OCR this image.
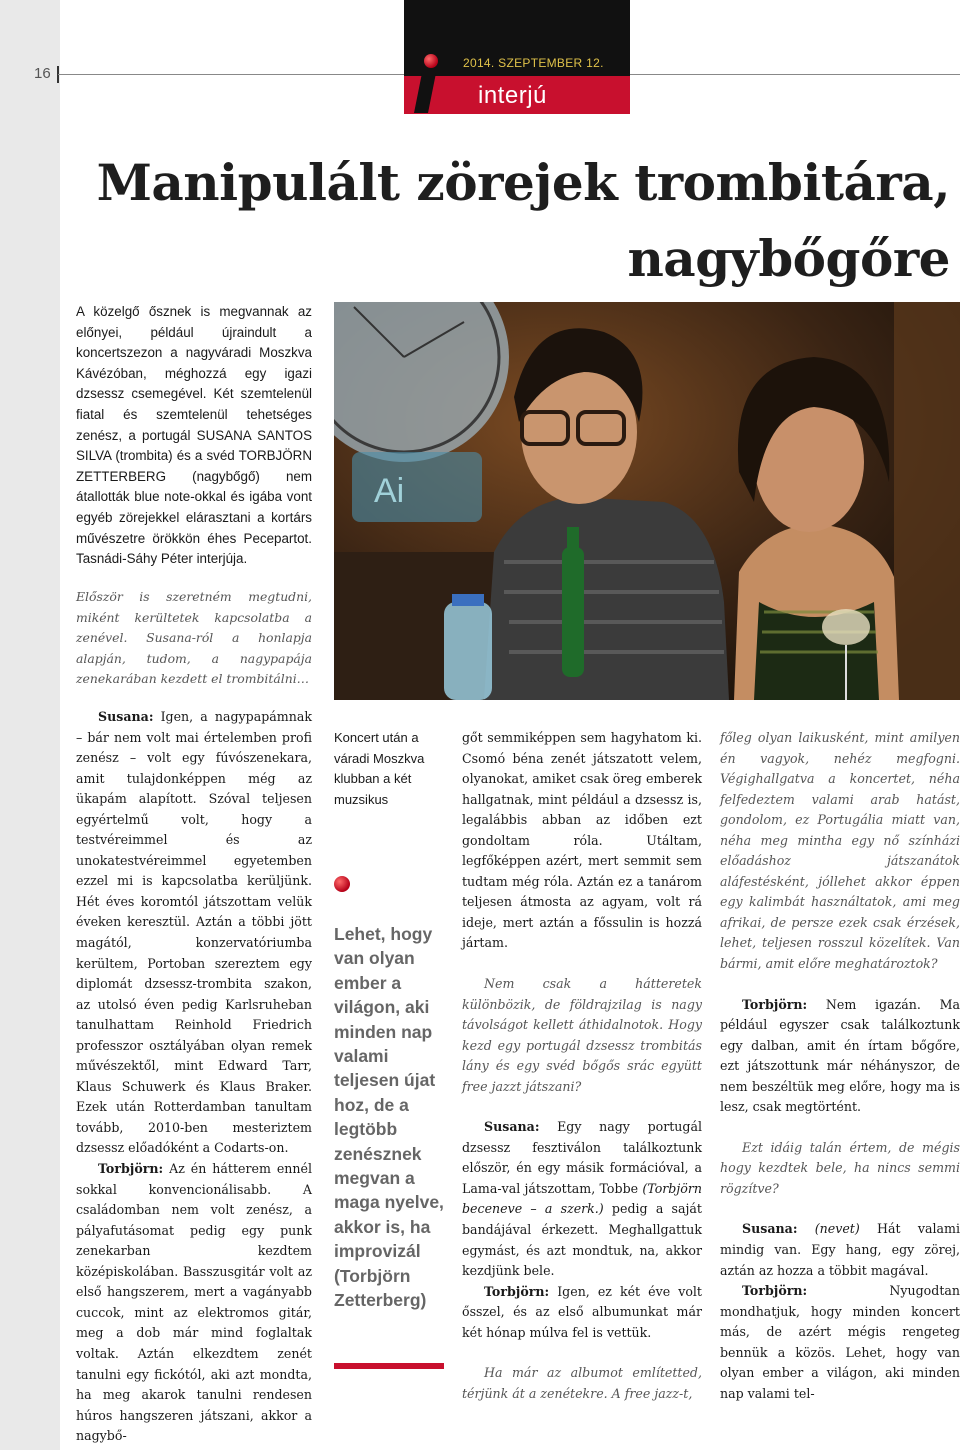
16
2014. SZEPTEMBER 12.
interjú
Manipulált zörejek trombitára,
nagybőgőre

A közelgő ősznek is megvannak az előnyei, például újraindult a koncertszezon a nagyváradi Moszkva Kávézóban, méghozzá egy igazi dzsessz csemegével. Két szemtelenül fiatal és szemtelenül tehetséges zenész, a portugál SUSANA SANTOS SILVA (trombita) és a svéd TORBJÖRN ZETTERBERG (nagybőgő) nem átallották blue note-okkal és igába vont egyéb zörejekkel elárasztani a kortárs művészetre örökkön éhes Pecepartot. Tasnádi-Sáhy Péter interjúja.

Először is szeretném megtudni, miként kerültetek kapcsolatba a zenével. Susana-ról a honlapja alapján, tudom, a nagypapája zenekarában kezdett el trombitálni…

Ai

Susana: Igen, a nagypapámnak – bár nem volt mai értelemben profi zenész – volt egy fúvószenekara, amit tulajdonképpen még az ükapám alapított. Szóval teljesen egyértelmű volt, hogy a testvéreimmel és az unokatestvéreimmel egyetemben ezzel mi is kapcsolatba kerüljünk. Hét éves koromtól játszottam velük éveken keresztül. Aztán a többi jött magától, konzervatóriumba kerültem, Portoban szereztem egy diplomát dzsessz-trombita szakon, az utolsó éven pedig Karlsruheban tanulhattam Reinhold Friedrich professzor osztályában olyan remek művészektől, mint Edward Tarr, Klaus Schuwerk és Klaus Braker. Ezek után Rotterdamban tanultam tovább, 2010-ben mesteriztem dzsessz előadóként a Codarts-on.

Torbjörn: Az én hátterem ennél sokkal konvencionálisabb. A családomban nem volt zenész, a pályafutásomat pedig egy punk zenekarban kezdtem középiskolában. Basszusgitár volt az első hangszerem, mert a vagányabb cuccok, mint az elektromos gitár, meg a dob már mind foglaltak voltak. Aztán elkezdtem zenét tanulni egy fickótól, aki azt mondta, ha meg akarok tanulni rendesen húros hangszeren játszani, akkor a nagybő-

Koncert után a váradi Moszkva klubban a két muzsikus

Lehet, hogy van olyan ember a világon, aki minden nap valami teljesen újat hoz, de a legtöbb zenésznek megvan a maga nyelve, akkor is, ha improvizál (Torbjörn Zetterberg)

gőt semmiképpen sem hagyhatom ki. Csomó béna zenét játszatott velem, olyanokat, amiket csak öreg emberek hallgatnak, mint például a dzsessz is, legalábbis abban az időben ezt gondoltam róla. Utáltam, legfőképpen azért, mert semmit sem tudtam még róla. Aztán ez a tanárom teljesen átmosta az agyam, volt rá ideje, mert aztán a főssulin is hozzá jártam.

Nem csak a hátteretek különbözik, de földrajzilag is nagy távolságot kellett áthidalnotok. Hogy kezd egy portugál dzsessz trombitás lány és egy svéd bőgős srác együtt free jazzt játszani?

Susana: Egy nagy portugál dzsessz fesztiválon találkoztunk először, én egy másik formációval, a Lama-val játszottam, Tobbe (Torbjörn beceneve – a szerk.) pedig a saját bandájával érkezett. Meghallgattuk egymást, és azt mondtuk, na, akkor kezdjünk bele.

Torbjörn: Igen, ez két éve volt ősszel, és az első albumunkat már két hónap múlva fel is vettük.

Ha már az albumot említetted, térjünk át a zenétekre. A free jazz-t,

főleg olyan laikusként, mint amilyen én vagyok, nehéz megfogni. Végighallgatva a koncertet, néha felfedeztem valami arab hatást, gondolom, ez Portugália miatt van, néha meg mintha egy nő színházi előadáshoz játszanátok aláfestésként, jóllehet akkor éppen egy kalimbát használtatok, ami meg afrikai, de persze ezek csak érzések, lehet, teljesen rosszul közelítek. Van bármi, amit előre meghatároztok?

Torbjörn: Nem igazán. Ma például egyszer csak találkoztunk egy dalban, amit én írtam bőgőre, ezt játszottunk már néhányszor, de nem beszéltük meg előre, hogy ma is lesz, csak megtörtént.

Ezt idáig talán értem, de mégis hogy kezdtek bele, ha nincs semmi rögzítve?

Susana: (nevet) Hát valami mindig van. Egy hang, egy zörej, aztán az hozza a többit magával.

Torbjörn: Nyugodtan mondhatjuk, hogy minden koncert más, de azért mégis rengeteg bennük a közös. Lehet, hogy van olyan ember a világon, aki minden nap valami tel-
